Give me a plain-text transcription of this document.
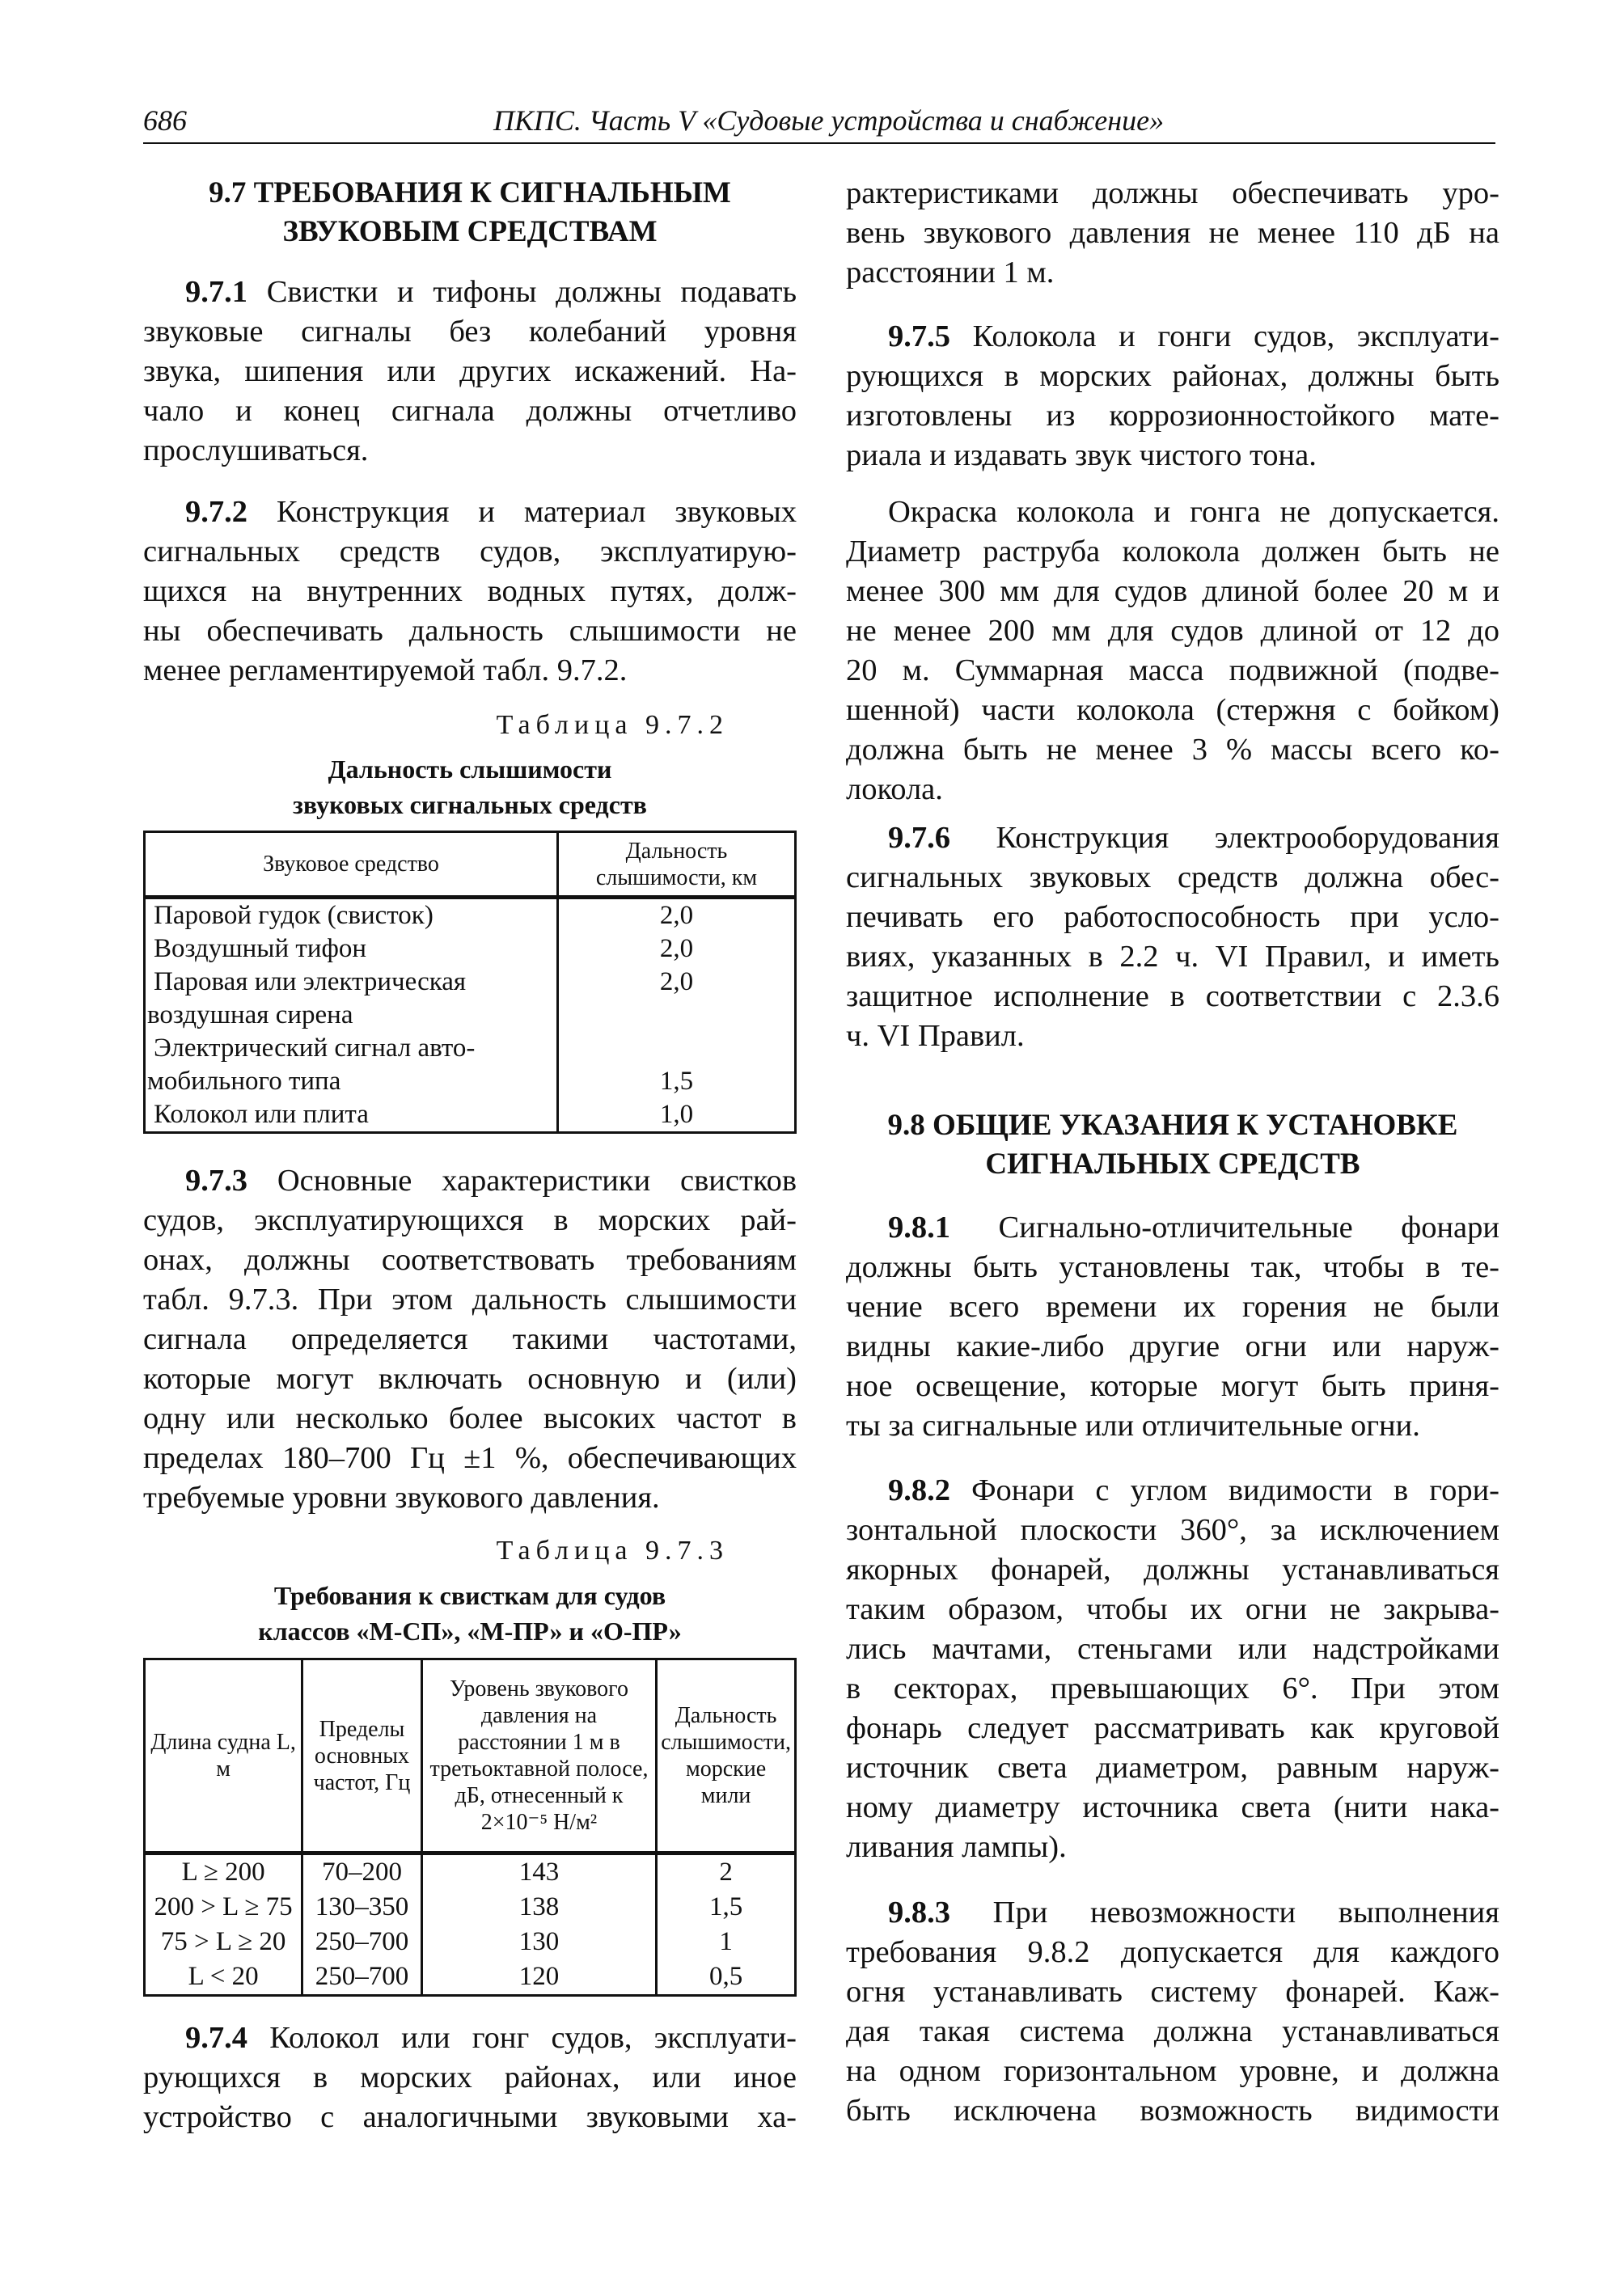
686	ПКПС. Часть V «Судовые устройства и снабжение»
9.7 ТРЕБОВАНИЯ К СИГНАЛЬНЫМ
ЗВУКОВЫМ СРЕДСТВАМ
9.8 ОБЩИЕ УКАЗАНИЯ К УСТАНОВКЕ
СИГНАЛЬНЫХ СРЕДСТВ
9.7.1 Свистки и тифоны должны подавать
звуковые сигналы без колебаний уровня
звука, шипения или других искажений. На-
чало и конец сигнала должны отчетливо
прослушиваться.
9.7.2 Конструкция и материал звуковых
сигнальных средств судов, эксплуатирую-
щихся на внутренних водных путях, долж-
ны обеспечивать дальность слышимости не
менее регламентируемой табл. 9.7.2.
9.7.3 Основные характеристики свистков
судов, эксплуатирующихся в морских рай-
онах, должны соответствовать требованиям
табл. 9.7.3. При этом дальность слышимости
сигнала определяется такими частотами,
которые могут включать основную и (или)
одну или несколько более высоких частот в
пределах 180–700 Гц ±1 %, обеспечивающих
требуемые уровни звукового давления.
9.7.4 Колокол или гонг судов, эксплуати-
рующихся в морских районах, или иное
устройство с аналогичными звуковыми ха-
рактеристиками должны обеспечивать уро-
вень звукового давления не менее 110 дБ на
расстоянии 1 м.
9.7.5 Колокола и гонги судов, эксплуати-
рующихся в морских районах, должны быть
изготовлены из коррозионностойкого мате-
риала и издавать звук чистого тона.
Окраска колокола и гонга не допускается.
Диаметр раструба колокола должен быть не
менее 300 мм для судов длиной более 20 м и
не менее 200 мм для судов длиной от 12 до
20 м. Суммарная масса подвижной (подве-
шенной) части колокола (стержня с бойком)
должна быть не менее 3 % массы всего ко-
локола.
9.7.6 Конструкция электрооборудования
сигнальных звуковых средств должна обес-
печивать его работоспособность при усло-
виях, указанных в 2.2 ч. VI Правил, и иметь
защитное исполнение в соответствии с 2.3.6
ч. VI Правил.
9.8.1 Сигнально-отличительные фонари
должны быть установлены так, чтобы в те-
чение всего времени их горения не были
видны какие-либо другие огни или наруж-
ное освещение, которые могут быть приня-
ты за сигнальные или отличительные огни.
9.8.2 Фонари с углом видимости в гори-
зонтальной плоскости 360°, за исключением
якорных фонарей, должны устанавливаться
таким образом, чтобы их огни не закрыва-
лись мачтами, стеньгами или надстройками
в секторах, превышающих 6°. При этом
фонарь следует рассматривать как круговой
источник света диаметром, равным наруж-
ному диаметру источника света (нити нака-
ливания лампы).
9.8.3 При невозможности выполнения
требования 9.8.2 допускается для каждого
огня устанавливать систему фонарей. Каж-
дая такая система должна устанавливаться
на одном горизонтальном уровне, и должна
быть исключена возможность видимости
Таблица 9.7.2
Дальность слышимости
звуковых сигнальных средств
Звуковое средство	Дальность слышимости, км
Паровой гудок (свисток)	2,0
Воздушный тифон	2,0
Паровая или электрическая	2,0
воздушная сирена	
Электрический сигнал авто-	
мобильного типа	1,5
Колокол или плита	1,0
Таблица 9.7.3
Требования к свисткам для судов
классов «М-СП», «М-ПР» и «О-ПР»
Длина судна L, м	Пределы основных частот, Гц	Уровень звукового давления на расстоянии 1 м в третьоктавной полосе, дБ, отнесенный к 2×10⁻⁵ Н/м²	Дальность слышимости, морские мили
L ≥ 200	70–200	143	2
200 > L ≥ 75	130–350	138	1,5
75 > L ≥ 20	250–700	130	1
L < 20	250–700	120	0,5
